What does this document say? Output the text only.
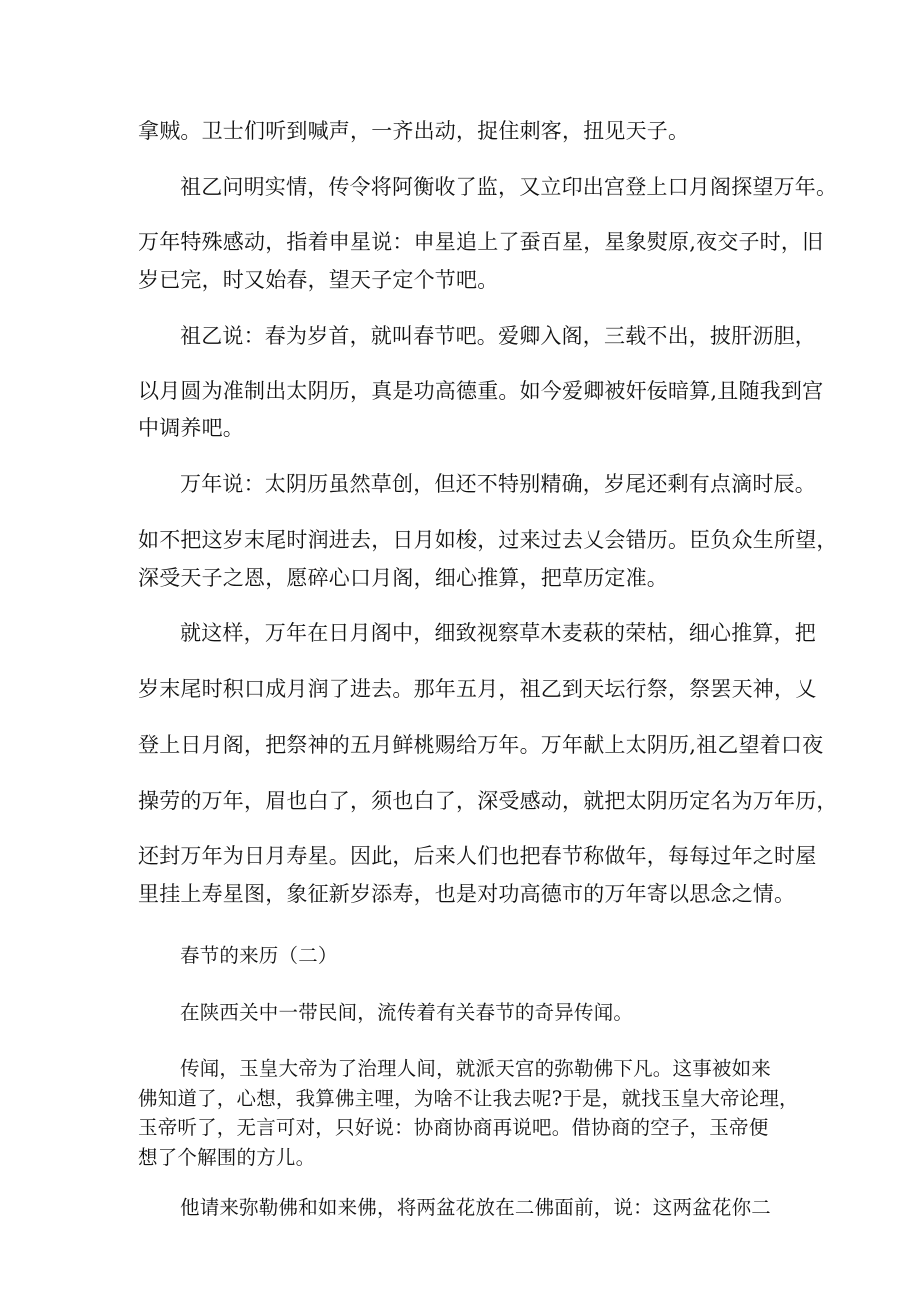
拿贼。卫士们听到喊声，一齐出动，捉住刺客，扭见天子。
祖乙问明实情，传令将阿衡收了监，又立印出宫登上口月阁探望万年。
万年特殊感动，指着申星说：申星追上了蚕百星，星象熨原,夜交子时，旧
岁已完，时又始春，望天子定个节吧。
祖乙说：春为岁首，就叫春节吧。爱卿入阁，三载不出，披肝沥胆，
以月圆为准制出太阴历，真是功高德重。如今爱卿被奸佞暗算,且随我到宫
中调养吧。
万年说：太阴历虽然草创，但还不特别精确，岁尾还剩有点滴时辰。
如不把这岁末尾时润进去，日月如梭，过来过去乂会错历。臣负众生所望，
深受天子之恩，愿碎心口月阁，细心推算，把草历定准。
就这样，万年在日月阁中，细致视察草木麦萩的荣枯，细心推算，把
岁末尾时积口成月润了进去。那年五月，祖乙到天坛行祭，祭罢天神，乂
登上日月阁，把祭神的五月鲜桃赐给万年。万年献上太阴历,祖乙望着口夜
操劳的万年，眉也白了，须也白了，深受感动，就把太阴历定名为万年历，
还封万年为日月寿星。因此，后来人们也把春节称做年，每每过年之时屋
里挂上寿星图，象征新岁添寿，也是对功高德市的万年寄以思念之情。
春节的来历（二）
在陕西关中一带民间，流传着有关春节的奇异传闻。
传闻，玉皇大帝为了治理人间，就派天宫的弥勒佛下凡。这事被如来
佛知道了，心想，我算佛主哩，为啥不让我去呢?于是，就找玉皇大帝论理，
玉帝听了，无言可对，只好说：协商协商再说吧。借协商的空子，玉帝便
想了个解围的方儿。
他请来弥勒佛和如来佛，将两盆花放在二佛面前，说：这两盆花你二
